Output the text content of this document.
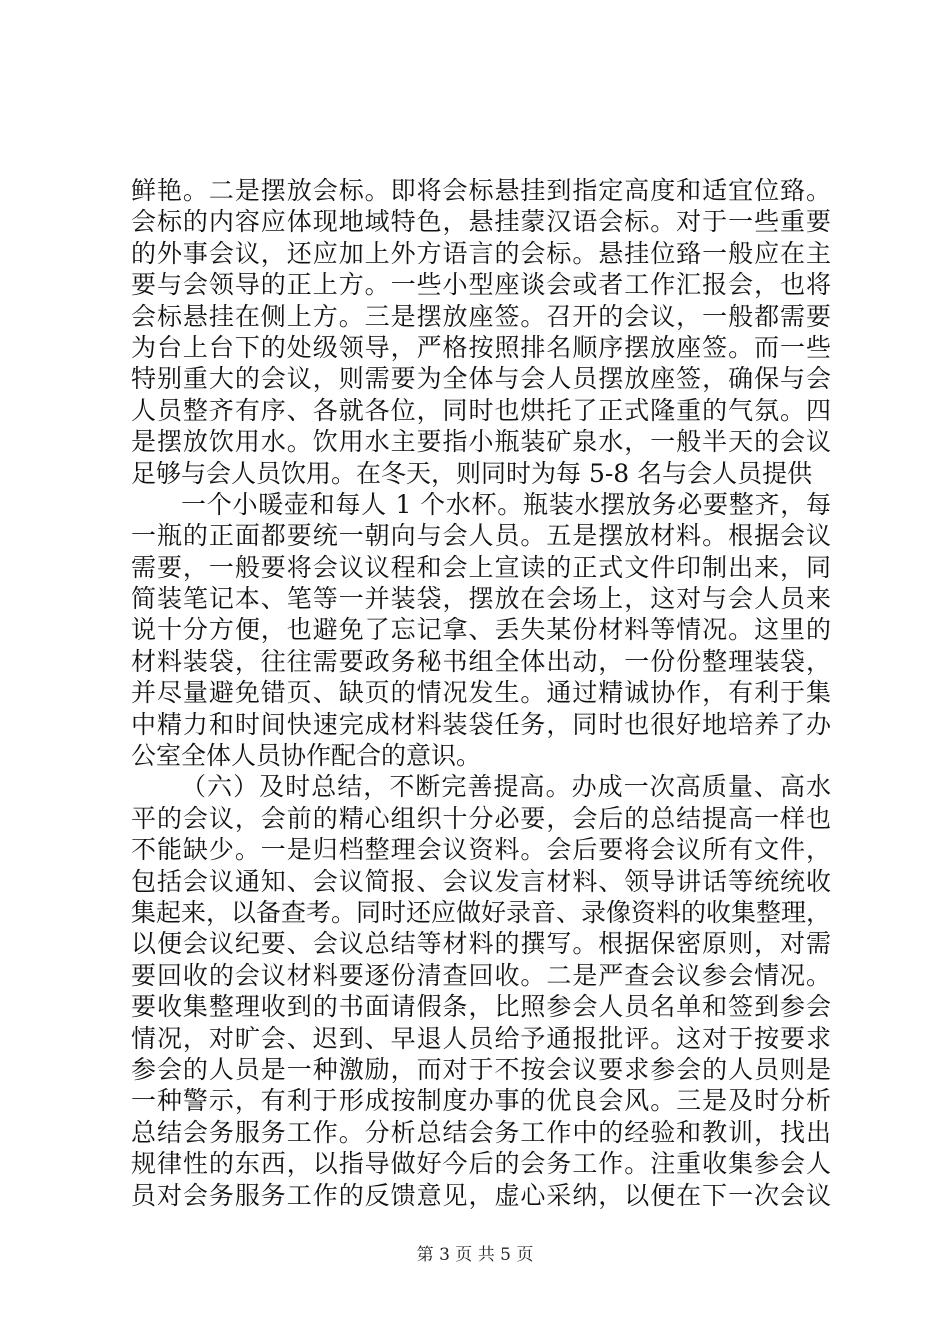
鲜艳。二是摆放会标。即将会标悬挂到指定高度和适宜位臵。
会标的内容应体现地域特色，悬挂蒙汉语会标。对于一些重要
的外事会议，还应加上外方语言的会标。悬挂位臵一般应在主
要与会领导的正上方。一些小型座谈会或者工作汇报会，也将
会标悬挂在侧上方。三是摆放座签。召开的会议，一般都需要
为台上台下的处级领导，严格按照排名顺序摆放座签。而一些
特别重大的会议，则需要为全体与会人员摆放座签，确保与会
人员整齐有序、各就各位，同时也烘托了正式隆重的气氛。四
是摆放饮用水。饮用水主要指小瓶装矿泉水，一般半天的会议
足够与会人员饮用。在冬天，则同时为每 5-8 名与会人员提供
一个小暖壶和每人 1 个水杯。瓶装水摆放务必要整齐，每
一瓶的正面都要统一朝向与会人员。五是摆放材料。根据会议
需要，一般要将会议议程和会上宣读的正式文件印制出来，同
简装笔记本、笔等一并装袋，摆放在会场上，这对与会人员来
说十分方便，也避免了忘记拿、丢失某份材料等情况。这里的
材料装袋，往往需要政务秘书组全体出动，一份份整理装袋，
并尽量避免错页、缺页的情况发生。通过精诚协作，有利于集
中精力和时间快速完成材料装袋任务，同时也很好地培养了办
公室全体人员协作配合的意识。
（六）及时总结，不断完善提高。办成一次高质量、高水
平的会议，会前的精心组织十分必要，会后的总结提高一样也
不能缺少。一是归档整理会议资料。会后要将会议所有文件，
包括会议通知、会议简报、会议发言材料、领导讲话等统统收
集起来，以备查考。同时还应做好录音、录像资料的收集整理，
以便会议纪要、会议总结等材料的撰写。根据保密原则，对需
要回收的会议材料要逐份清查回收。二是严查会议参会情况。
要收集整理收到的书面请假条，比照参会人员名单和签到参会
情况，对旷会、迟到、早退人员给予通报批评。这对于按要求
参会的人员是一种激励，而对于不按会议要求参会的人员则是
一种警示，有利于形成按制度办事的优良会风。三是及时分析
总结会务服务工作。分析总结会务工作中的经验和教训，找出
规律性的东西，以指导做好今后的会务工作。注重收集参会人
员对会务服务工作的反馈意见，虚心采纳，以便在下一次会议
第 3 页 共 5 页
